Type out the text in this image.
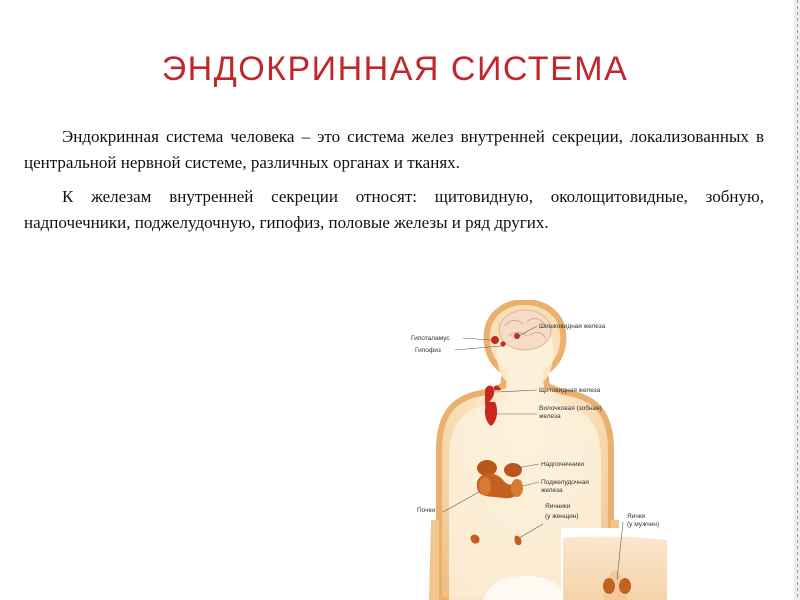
ЭНДОКРИННАЯ СИСТЕМА

Эндокринная система человека – это система желез внутренней секреции, локализованных в центральной нервной системе, различных органах и тканях.

К железам внутренней секреции относят: щитовидную, околощитовидные, зобную, надпочечники, поджелудочную, гипофиз, половые железы и ряд других.

Гипоталамус
Гипофиз
Шишковидная железа
Щитовидная железа
Вилочковая (зобная)
железа
Надпочечники
Поджелудочная
железа
Почки
Яичники
(у женщин)	Яички
(у мужчин)
